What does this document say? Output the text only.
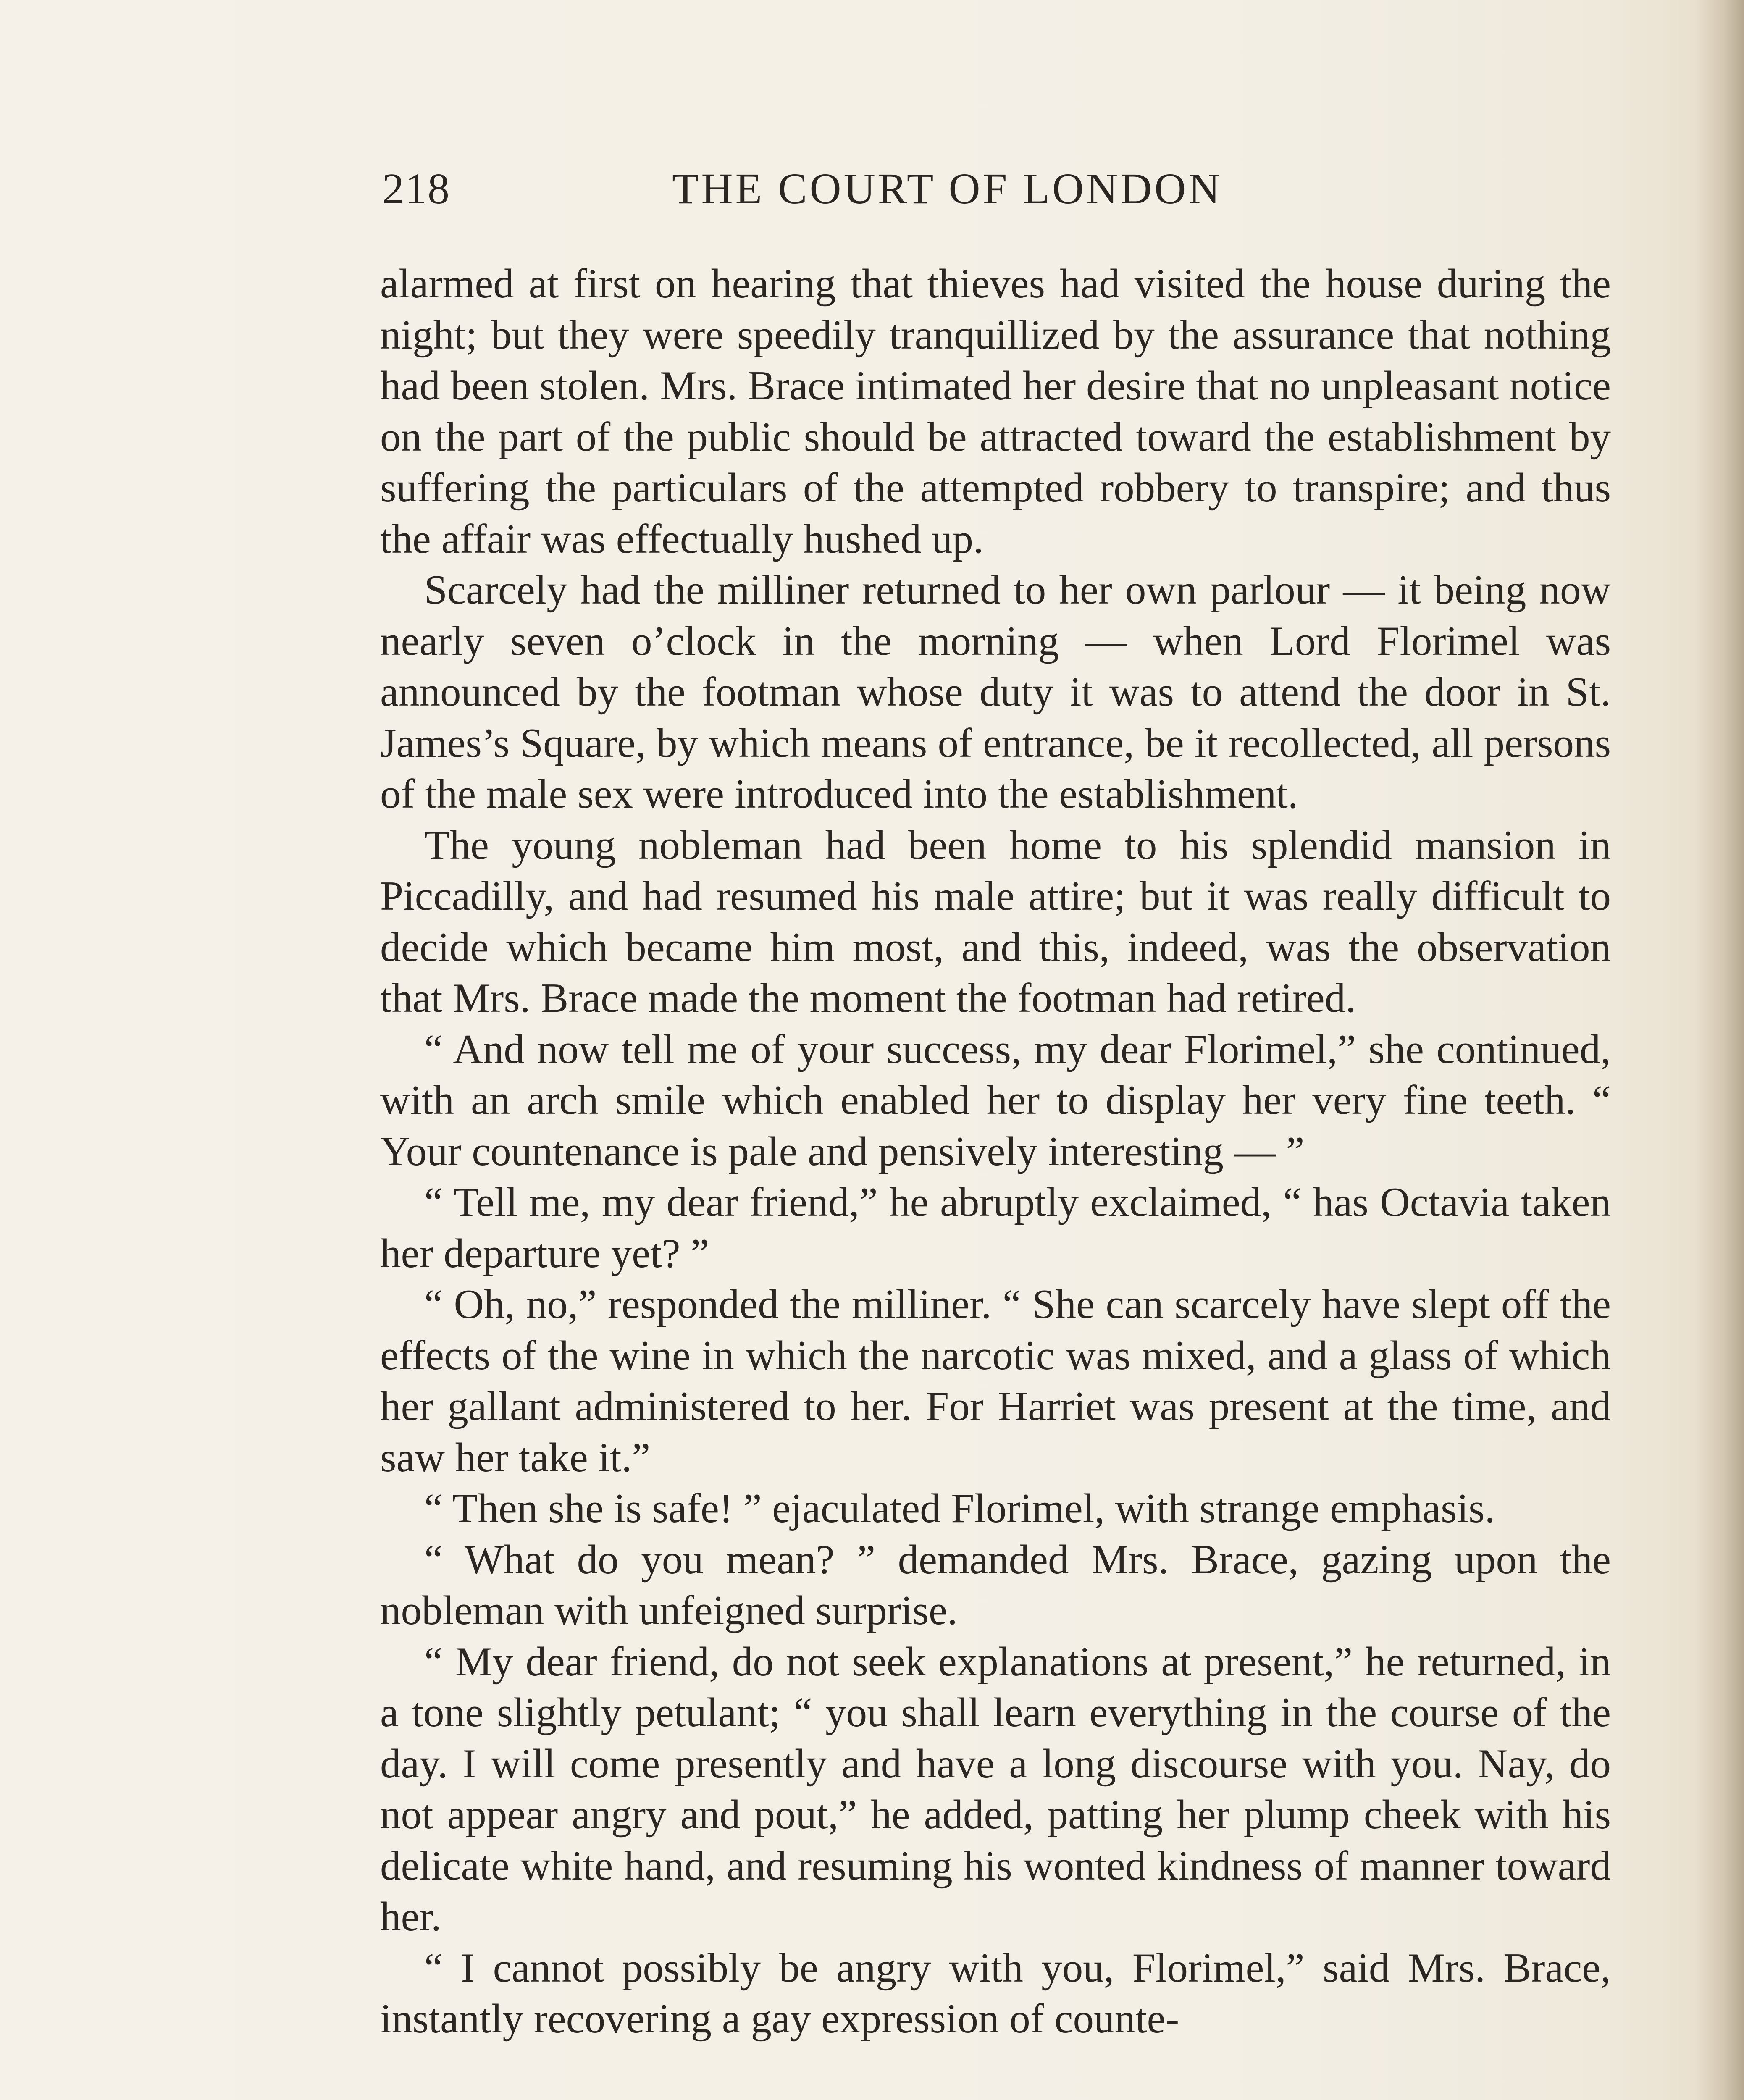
218	THE COURT OF LONDON

alarmed at first on hearing that thieves had visited the house during the night; but they were speedily tranquillized by the assurance that nothing had been stolen. Mrs. Brace intimated her desire that no unpleasant notice on the part of the public should be attracted toward the establishment by suffering the particulars of the attempted robbery to transpire; and thus the affair was effectually hushed up.

Scarcely had the milliner returned to her own parlour — it being now nearly seven o’clock in the morning — when Lord Florimel was announced by the footman whose duty it was to attend the door in St. James’s Square, by which means of entrance, be it recollected, all persons of the male sex were introduced into the establishment.

The young nobleman had been home to his splendid mansion in Piccadilly, and had resumed his male attire; but it was really difficult to decide which became him most, and this, indeed, was the observation that Mrs. Brace made the moment the footman had retired.

“ And now tell me of your success, my dear Florimel,” she continued, with an arch smile which enabled her to display her very fine teeth. “ Your countenance is pale and pensively interesting — ”

“ Tell me, my dear friend,” he abruptly exclaimed, “ has Octavia taken her departure yet? ”

“ Oh, no,” responded the milliner. “ She can scarcely have slept off the effects of the wine in which the narcotic was mixed, and a glass of which her gallant administered to her. For Harriet was present at the time, and saw her take it.”

“ Then she is safe! ” ejaculated Florimel, with strange emphasis.

“ What do you mean? ” demanded Mrs. Brace, gazing upon the nobleman with unfeigned surprise.

“ My dear friend, do not seek explanations at present,” he returned, in a tone slightly petulant; “ you shall learn everything in the course of the day. I will come presently and have a long discourse with you. Nay, do not appear angry and pout,” he added, patting her plump cheek with his delicate white hand, and resuming his wonted kindness of manner toward her.

“ I cannot possibly be angry with you, Florimel,” said Mrs. Brace, instantly recovering a gay expression of counte-
